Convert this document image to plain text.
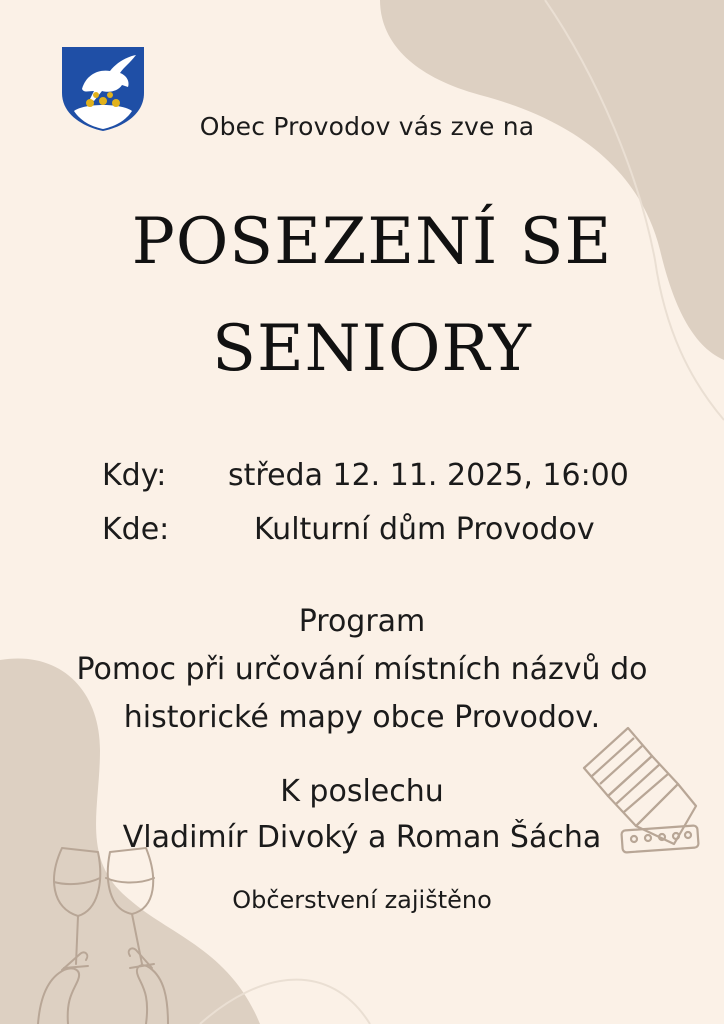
Obec Provodov vás zve na
POSEZENÍ SE
SENIORY
Kdy: středa 12. 11. 2025, 16:00
Kde:	Kulturní dům Provodov
Program
Pomoc při určování místních názvů do
historické mapy obce Provodov.
K poslechu
Vladimír Divoký a Roman Šácha
Občerstvení zajištěno
